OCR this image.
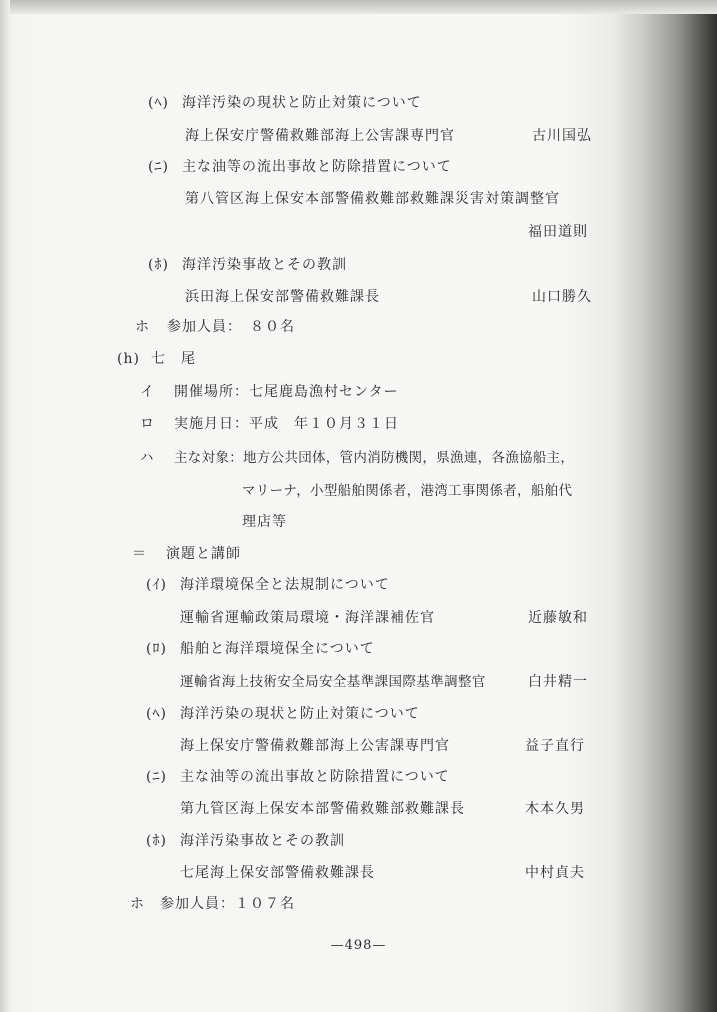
(ﾍ) 海洋汚染の現状と防止対策について
海上保安庁警備救難部海上公害課専門官	古川国弘
(ﾆ) 主な油等の流出事故と防除措置について
第八管区海上保安本部警備救難部救難課災害対策調整官
福田道則
(ﾎ) 海洋汚染事故とその教訓
浜田海上保安部警備救難課長	山口勝久
ホ 参加人員：　８０名
(h) 七　尾
イ 開催場所：七尾鹿島漁村センター
ロ 実施月日：平成　年１０月３１日
ハ 主な対象：地方公共団体，管内消防機関，県漁連，各漁協船主，
マリーナ，小型船舶関係者，港湾工事関係者，船舶代
理店等
＝ 演題と講師
(ｲ) 海洋環境保全と法規制について
運輸省運輸政策局環境・海洋課補佐官	近藤敏和
(ﾛ) 船舶と海洋環境保全について
運輸省海上技術安全局安全基準課国際基準調整官	白井精一
(ﾍ) 海洋汚染の現状と防止対策について
海上保安庁警備救難部海上公害課専門官	益子直行
(ﾆ) 主な油等の流出事故と防除措置について
第九管区海上保安本部警備救難部救難課長	木本久男
(ﾎ) 海洋汚染事故とその教訓
七尾海上保安部警備救難課長	中村貞夫
ホ 参加人員：１０７名
—498—
